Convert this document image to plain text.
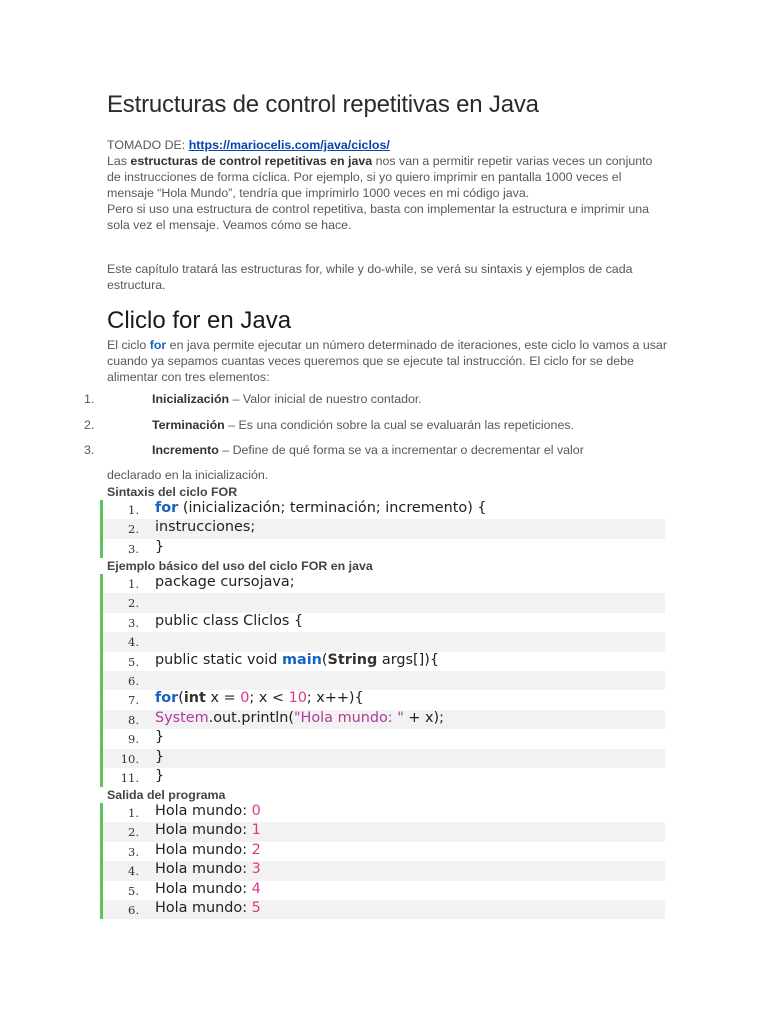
Estructuras de control repetitivas en Java

TOMADO DE: https://mariocelis.com/java/ciclos/

Las estructuras de control repetitivas en java nos van a permitir repetir varias veces un conjunto de instrucciones de forma cíclica. Por ejemplo, si yo quiero imprimir en pantalla 1000 veces el mensaje “Hola Mundo”, tendría que imprimirlo 1000 veces en mi código java.

Pero si uso una estructura de control repetitiva, basta con implementar la estructura e imprimir una sola vez el mensaje. Veamos cómo se hace.

Este capítulo tratará las estructuras for, while y do-while, se verá su sintaxis y ejemplos de cada estructura.

Cliclo for en Java

El ciclo for en java permite ejecutar un número determinado de iteraciones, este ciclo lo vamos a usar cuando ya sepamos cuantas veces queremos que se ejecute tal instrucción. El ciclo for se debe alimentar con tres elementos:

1.	Inicialización – Valor inicial de nuestro contador.
2.	Terminación – Es una condición sobre la cual se evaluarán las repeticiones.
3.	Incremento – Define de qué forma se va a incrementar o decrementar el valor
declarado en la inicialización.
Sintaxis del ciclo FOR
1. for (inicialización; terminación; incremento) {
2. instrucciones;
3. }
Ejemplo básico del uso del ciclo FOR en java
1. package cursojava;
2.
3. public class Cliclos {
4.
5. public static void main(String args[]){
6.
7. for(int x = 0; x < 10; x++){
8. System.out.println("Hola mundo: " + x);
9. }
10. }
11. }
Salida del programa
1. Hola mundo: 0
2. Hola mundo: 1
3. Hola mundo: 2
4. Hola mundo: 3
5. Hola mundo: 4
6. Hola mundo: 5
